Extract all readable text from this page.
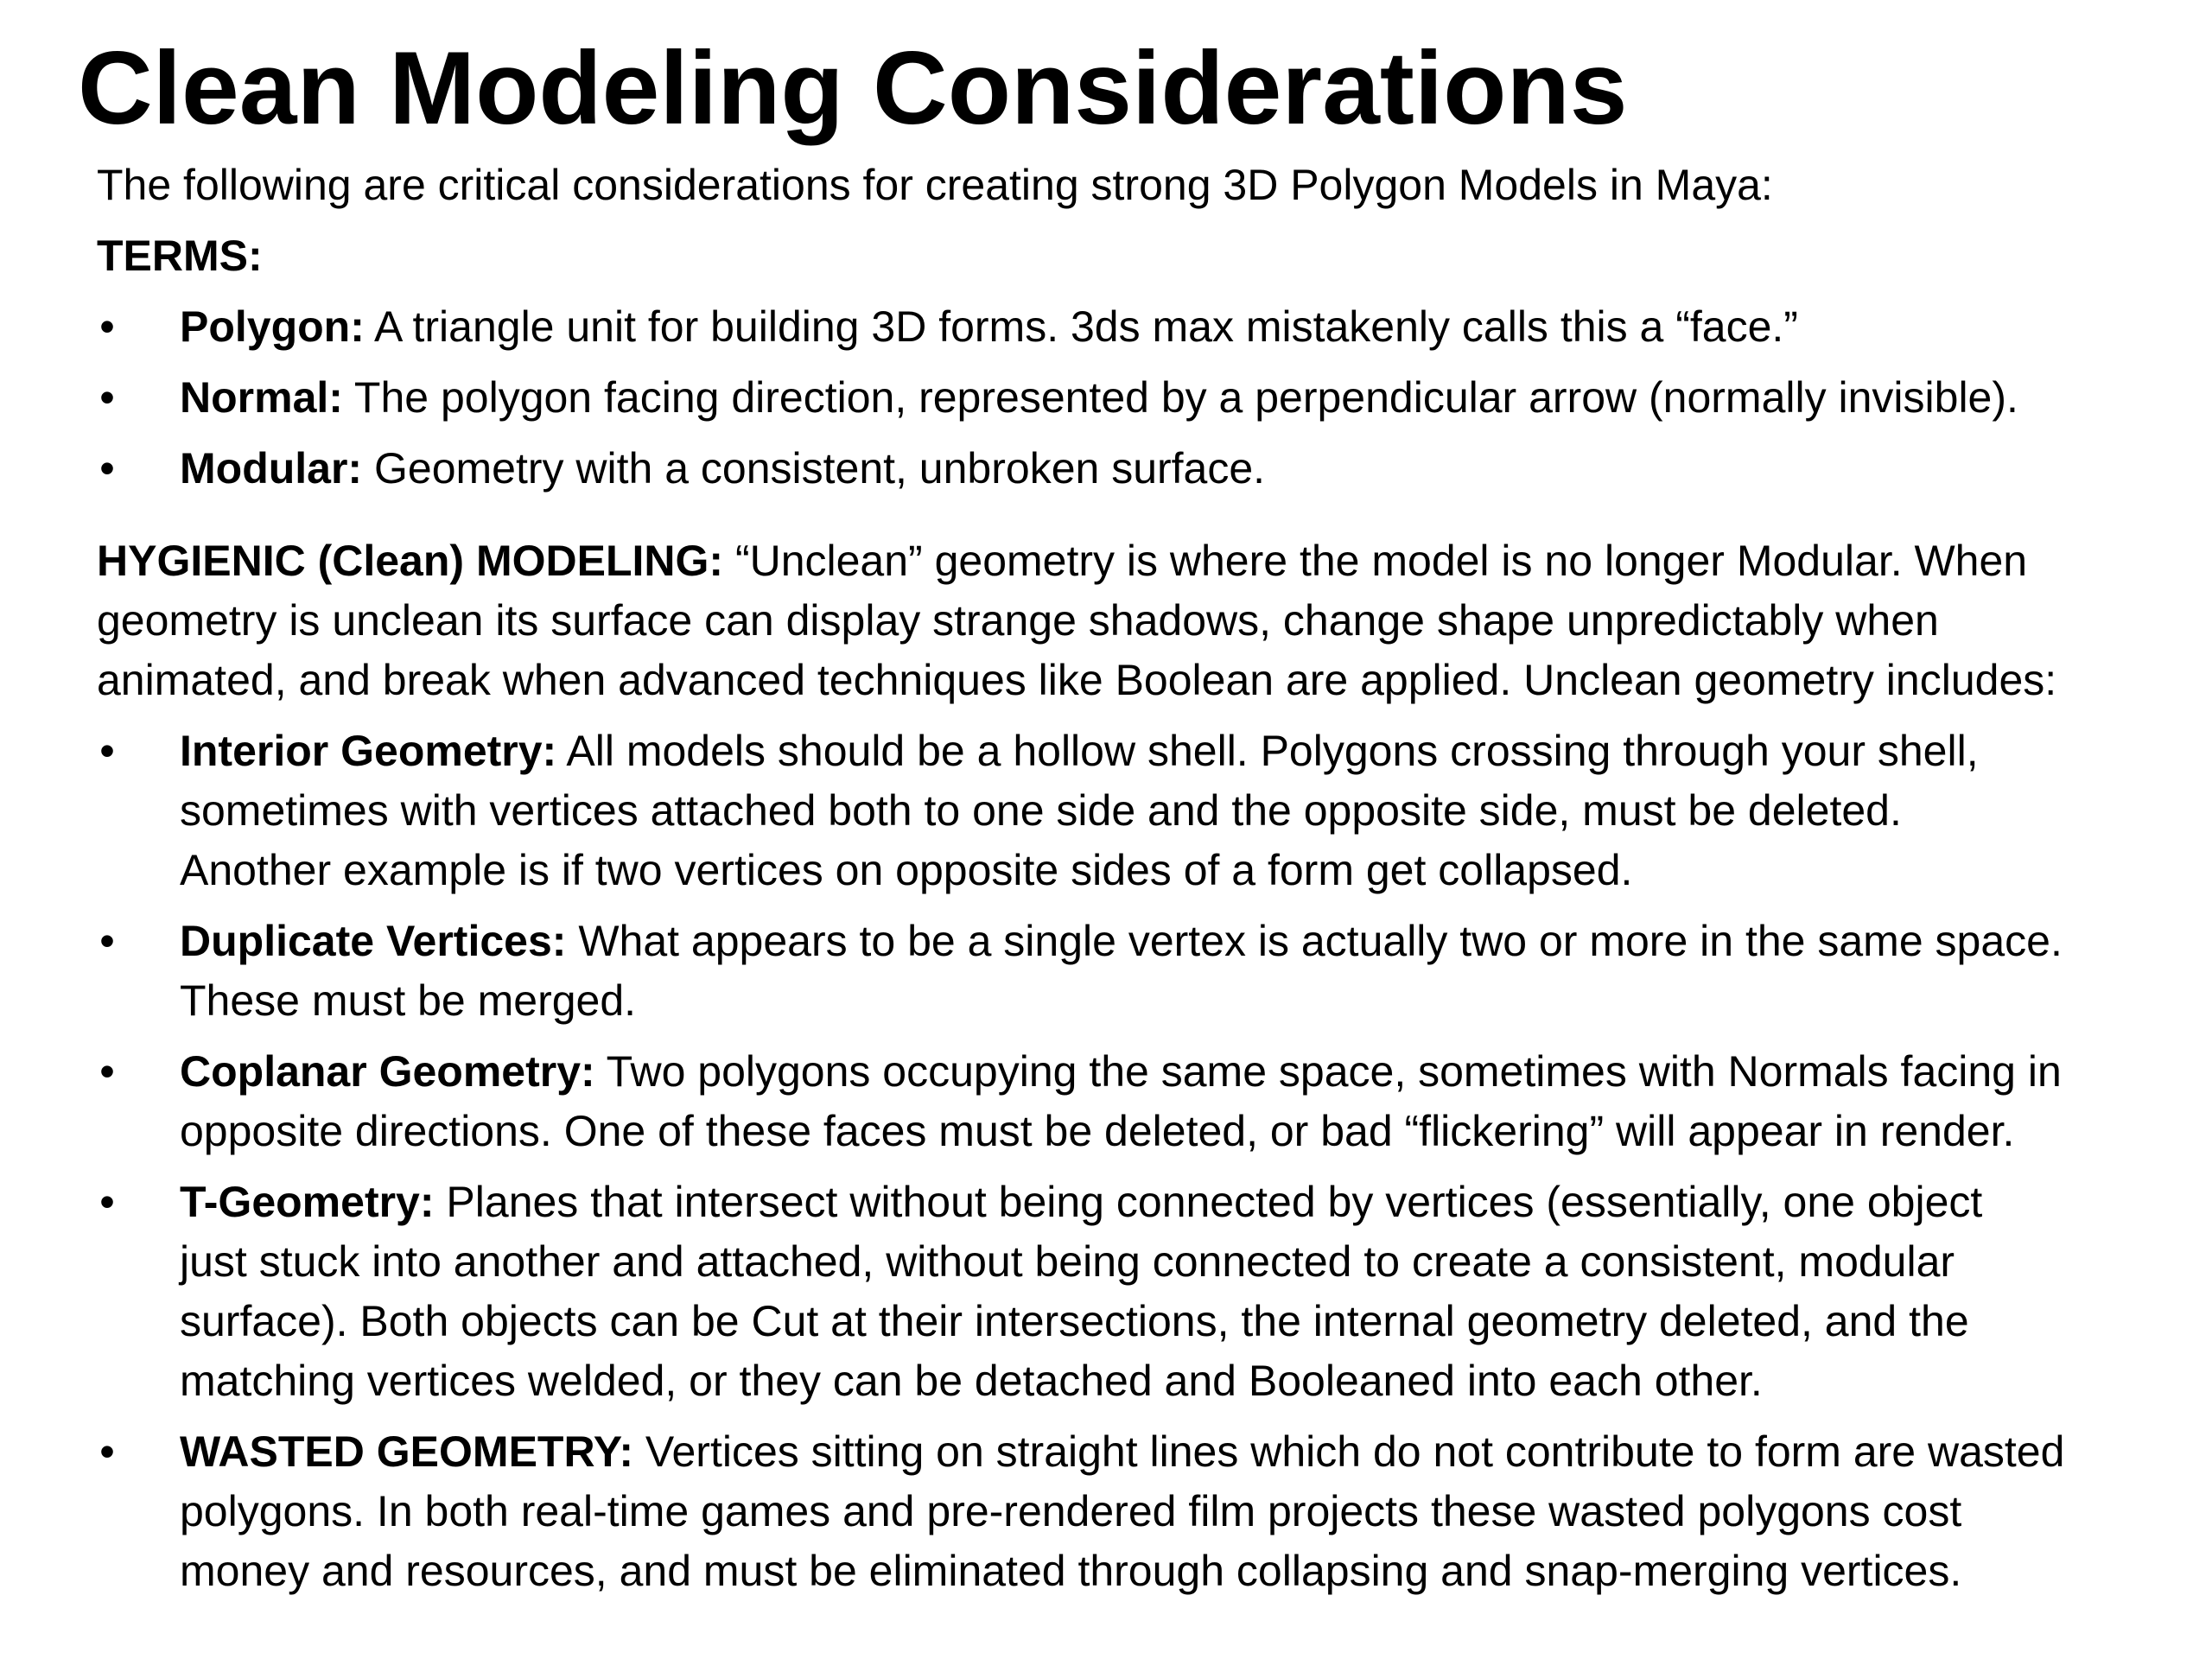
Clean Modeling Considerations

The following are critical considerations for creating strong 3D Polygon Models in Maya:

TERMS:

• Polygon: A triangle unit for building 3D forms. 3ds max mistakenly calls this a “face.”
• Normal: The polygon facing direction, represented by a perpendicular arrow (normally invisible).
• Modular: Geometry with a consistent, unbroken surface.
HYGIENIC (Clean) MODELING: “Unclean” geometry is where the model is no longer Modular. When
geometry is unclean its surface can display strange shadows, change shape unpredictably when
animated, and break when advanced techniques like Boolean are applied. Unclean geometry includes:
• Interior Geometry: All models should be a hollow shell. Polygons crossing through your shell,
sometimes with vertices attached both to one side and the opposite side, must be deleted.
Another example is if two vertices on opposite sides of a form get collapsed.
• Duplicate Vertices: What appears to be a single vertex is actually two or more in the same space.
These must be merged.
• Coplanar Geometry: Two polygons occupying the same space, sometimes with Normals facing in
opposite directions. One of these faces must be deleted, or bad “flickering” will appear in render.
• T-Geometry: Planes that intersect without being connected by vertices (essentially, one object
just stuck into another and attached, without being connected to create a consistent, modular
surface). Both objects can be Cut at their intersections, the internal geometry deleted, and the
matching vertices welded, or they can be detached and Booleaned into each other.
• WASTED GEOMETRY: Vertices sitting on straight lines which do not contribute to form are wasted
polygons. In both real-time games and pre-rendered film projects these wasted polygons cost
money and resources, and must be eliminated through collapsing and snap-merging vertices.
